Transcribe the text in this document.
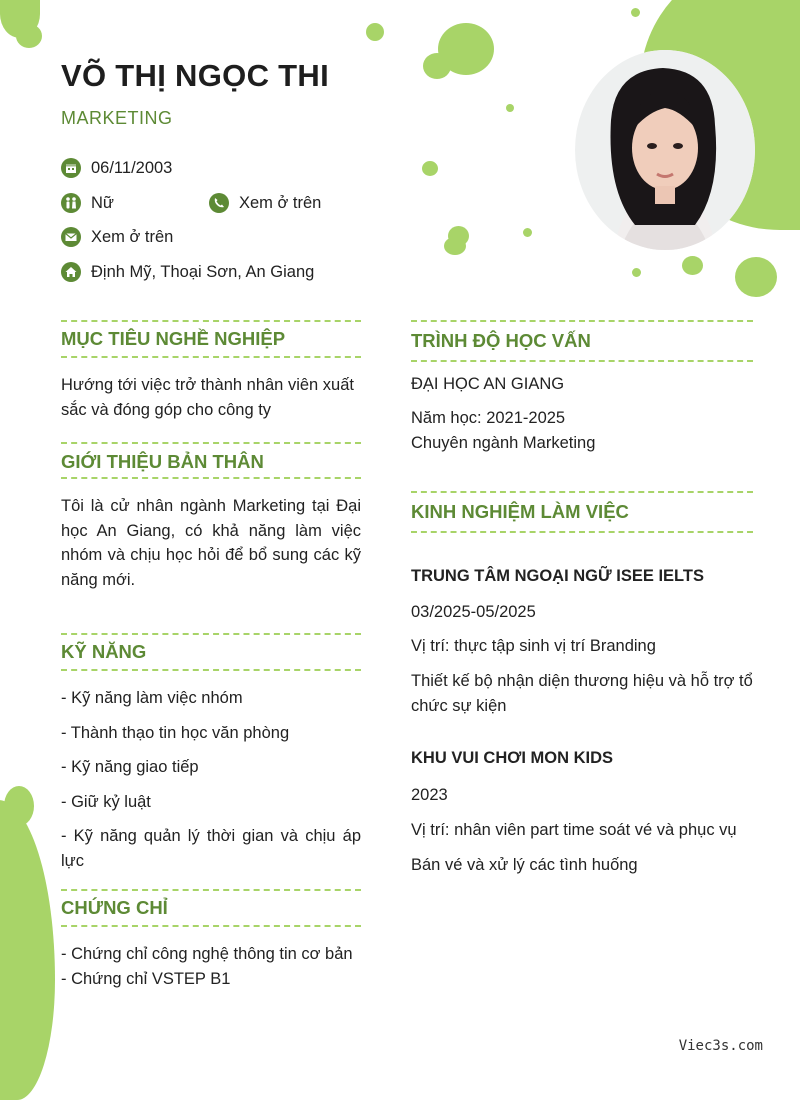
VÕ THỊ NGỌC THI
MARKETING
06/11/2003
Nữ	Xem ở trên
Xem ở trên
Định Mỹ, Thoại Sơn, An Giang
MỤC TIÊU NGHỀ NGHIỆP
Hướng tới việc trở thành nhân viên xuất sắc và đóng góp cho công ty
GIỚI THIỆU BẢN THÂN
Tôi là cử nhân ngành Marketing tại Đại học An Giang, có khả năng làm việc nhóm và chịu học hỏi để bổ sung các kỹ năng mới.
KỸ NĂNG
- Kỹ năng làm việc nhóm
- Thành thạo tin học văn phòng
- Kỹ năng giao tiếp
- Giữ kỷ luật
- Kỹ năng quản lý thời gian và chịu áp lực
CHỨNG CHỈ
- Chứng chỉ công nghệ thông tin cơ bản
- Chứng chỉ VSTEP B1
TRÌNH ĐỘ HỌC VẤN
ĐẠI HỌC AN GIANG
Năm học: 2021-2025
Chuyên ngành Marketing
KINH NGHIỆM LÀM VIỆC
TRUNG TÂM NGOẠI NGỮ ISEE IELTS
03/2025-05/2025
Vị trí: thực tập sinh vị trí Branding
Thiết kế bộ nhận diện thương hiệu và hỗ trợ tổ chức sự kiện
KHU VUI CHƠI MON KIDS
2023
Vị trí: nhân viên part time soát vé và phục vụ
Bán vé và xử lý các tình huống
Viec3s.com
